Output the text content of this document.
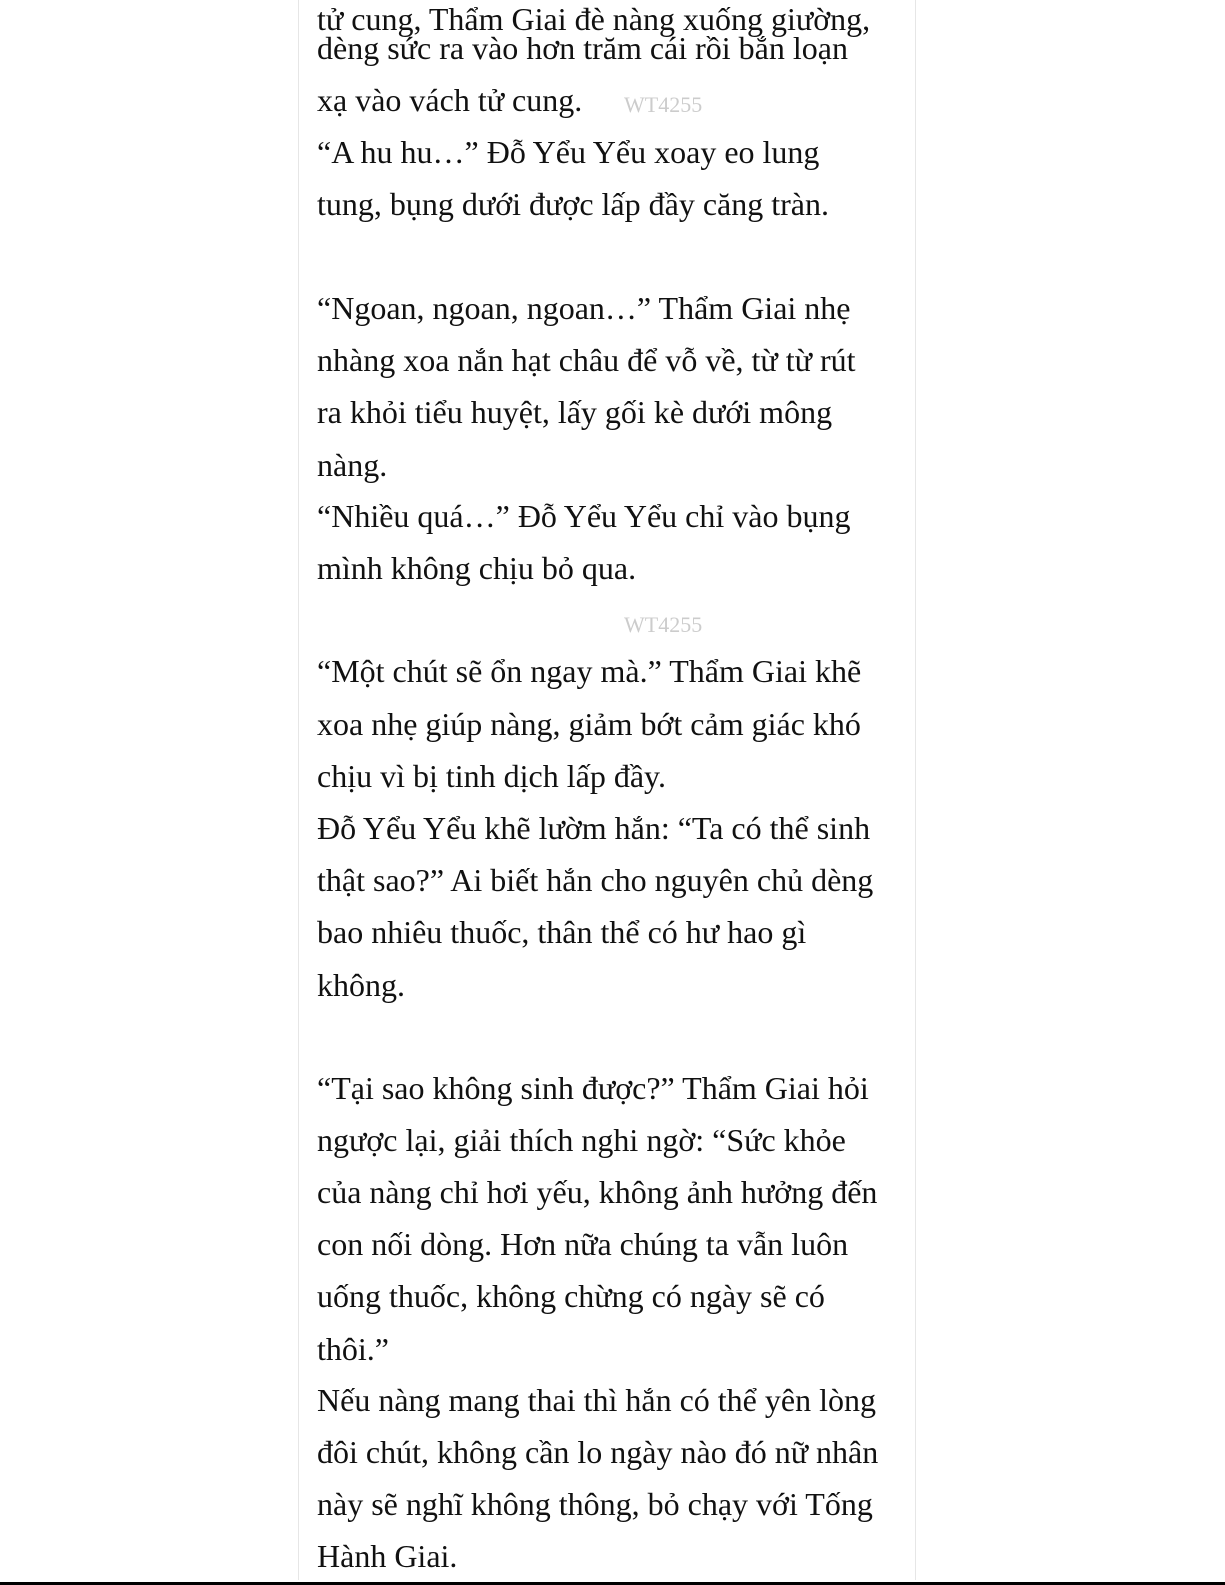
tử cung, Thẩm Giai đè nàng xuống giường,
dèng sức ra vào hơn trăm cái rồi bắn loạn
xạ vào vách tử cung. WT4255
“A hu hu…” Đỗ Yểu Yểu xoay eo lung
tung, bụng dưới được lấp đầy căng tràn.
“Ngoan, ngoan, ngoan…” Thẩm Giai nhẹ
nhàng xoa nắn hạt châu để vỗ về, từ từ rút
ra khỏi tiểu huyệt, lấy gối kè dưới mông
nàng.
“Nhiều quá…” Đỗ Yểu Yểu chỉ vào bụng
mình không chịu bỏ qua.
WT4255
“Một chút sẽ ổn ngay mà.” Thẩm Giai khẽ
xoa nhẹ giúp nàng, giảm bớt cảm giác khó
chịu vì bị tinh dịch lấp đầy.
Đỗ Yểu Yểu khẽ lườm hắn: “Ta có thể sinh
thật sao?” Ai biết hắn cho nguyên chủ dèng
bao nhiêu thuốc, thân thể có hư hao gì
không.
“Tại sao không sinh được?” Thẩm Giai hỏi
ngược lại, giải thích nghi ngờ: “Sức khỏe
của nàng chỉ hơi yếu, không ảnh hưởng đến
con nối dòng. Hơn nữa chúng ta vẫn luôn
uống thuốc, không chừng có ngày sẽ có
thôi.”
Nếu nàng mang thai thì hắn có thể yên lòng
đôi chút, không cần lo ngày nào đó nữ nhân
này sẽ nghĩ không thông, bỏ chạy với Tống
Hành Giai.
